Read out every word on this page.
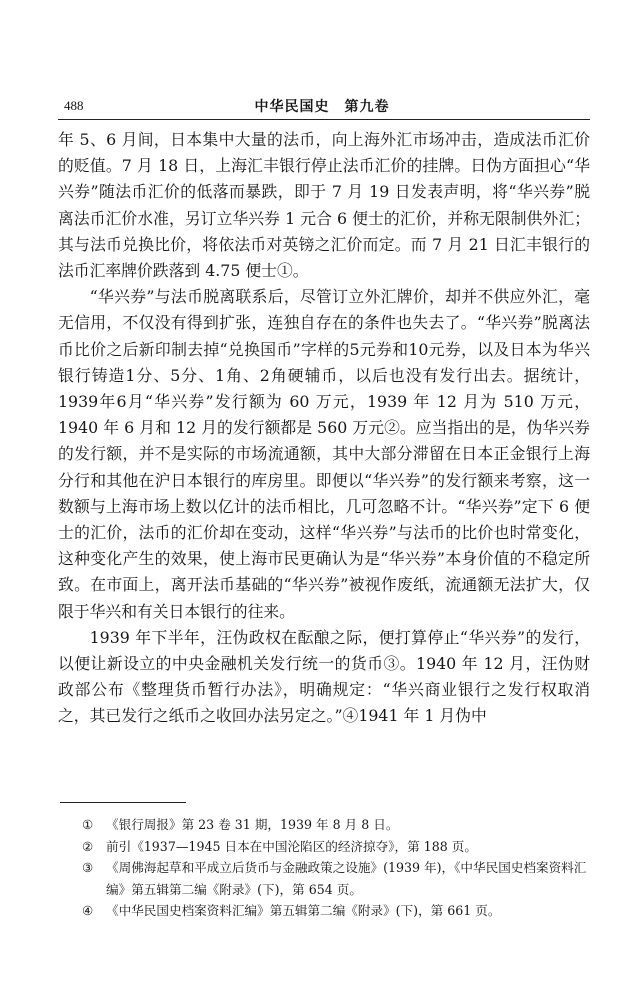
488	中华民国史　第九卷

年 5、6 月间，日本集中大量的法币，向上海外汇市场冲击，造成法币汇价的贬值。7 月 18 日，上海汇丰银行停止法币汇价的挂牌。日伪方面担心“华兴券”随法币汇价的低落而暴跌，即于 7 月 19 日发表声明，将“华兴券”脱离法币汇价水准，另订立华兴券 1 元合 6 便士的汇价，并称无限制供外汇；其与法币兑换比价，将依法币对英镑之汇价而定。而 7 月 21 日汇丰银行的法币汇率牌价跌落到 4.75 便士①。

“华兴券”与法币脱离联系后，尽管订立外汇牌价，却并不供应外汇，毫无信用，不仅没有得到扩张，连独自存在的条件也失去了。“华兴券”脱离法币比价之后新印制去掉“兑换国币”字样的5元券和10元券，以及日本为华兴银行铸造1分、5分、1角、2角硬辅币，以后也没有发行出去。据统计，1939年6月“华兴券”发行额为 60 万元，1939 年 12 月为 510 万元，1940 年 6 月和 12 月的发行额都是 560 万元②。应当指出的是，伪华兴券的发行额，并不是实际的市场流通额，其中大部分滞留在日本正金银行上海分行和其他在沪日本银行的库房里。即便以“华兴券”的发行额来考察，这一数额与上海市场上数以亿计的法币相比，几可忽略不计。“华兴券”定下 6 便士的汇价，法币的汇价却在变动，这样“华兴券”与法币的比价也时常变化，这种变化产生的效果，使上海市民更确认为是“华兴券”本身价值的不稳定所致。在市面上，离开法币基础的“华兴券”被视作废纸，流通额无法扩大，仅限于华兴和有关日本银行的往来。

1939 年下半年，汪伪政权在酝酿之际，便打算停止“华兴券”的发行，以便让新设立的中央金融机关发行统一的货币③。1940 年 12 月，汪伪财政部公布《整理货币暂行办法》，明确规定：“华兴商业银行之发行权取消之，其已发行之纸币之收回办法另定之。”④1941 年 1 月伪中

①	《银行周报》第 23 卷 31 期，1939 年 8 月 8 日。
②	前引《1937—1945 日本在中国沦陷区的经济掠夺》，第 188 页。
③	《周佛海起草和平成立后货币与金融政策之设施》(1939 年)，《中华民国史档案资料汇编》第五辑第二编《附录》(下)，第 654 页。
④	《中华民国史档案资料汇编》第五辑第二编《附录》(下)，第 661 页。
